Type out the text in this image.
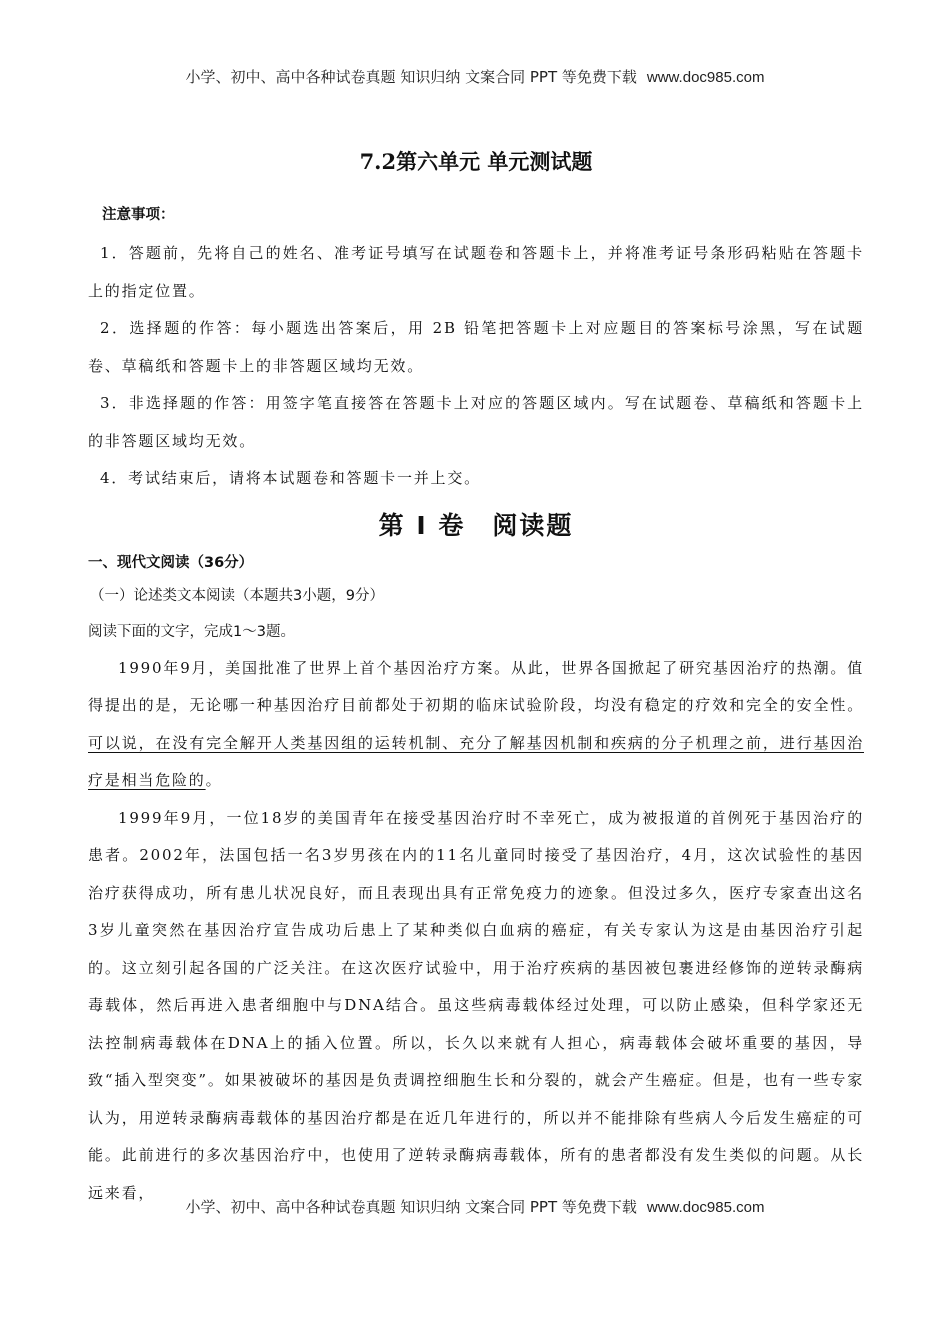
小学、初中、高中各种试卷真题 知识归纳 文案合同 PPT 等免费下载 www.doc985.com
7.2第六单元 单元测试题
注意事项：

1．答题前，先将自己的姓名、准考证号填写在试题卷和答题卡上，并将准考证号条形码粘贴在答题卡上的指定位置。

2．选择题的作答：每小题选出答案后，用 2B 铅笔把答题卡上对应题目的答案标号涂黑，写在试题卷、草稿纸和答题卡上的非答题区域均无效。

3．非选择题的作答：用签字笔直接答在答题卡上对应的答题区域内。写在试题卷、草稿纸和答题卡上的非答题区域均无效。

4．考试结束后，请将本试题卷和答题卡一并上交。

第 I 卷　阅读题
一、现代文阅读（36分）
（一）论述类文本阅读（本题共3小题，9分）
阅读下面的文字，完成1～3题。

1990年9月，美国批准了世界上首个基因治疗方案。从此，世界各国掀起了研究基因治疗的热潮。值得提出的是，无论哪一种基因治疗目前都处于初期的临床试验阶段，均没有稳定的疗效和完全的安全性。可以说，在没有完全解开人类基因组的运转机制、充分了解基因机制和疾病的分子机理之前，进行基因治疗是相当危险的。

1999年9月，一位18岁的美国青年在接受基因治疗时不幸死亡，成为被报道的首例死于基因治疗的患者。2002年，法国包括一名3岁男孩在内的11名儿童同时接受了基因治疗，4月，这次试验性的基因治疗获得成功，所有患儿状况良好，而且表现出具有正常免疫力的迹象。但没过多久，医疗专家查出这名3岁儿童突然在基因治疗宣告成功后患上了某种类似白血病的癌症，有关专家认为这是由基因治疗引起的。这立刻引起各国的广泛关注。在这次医疗试验中，用于治疗疾病的基因被包裹进经修饰的逆转录酶病毒载体，然后再进入患者细胞中与DNA结合。虽这些病毒载体经过处理，可以防止感染，但科学家还无法控制病毒载体在DNA上的插入位置。所以，长久以来就有人担心，病毒载体会破坏重要的基因，导致“插入型突变”。如果被破坏的基因是负责调控细胞生长和分裂的，就会产生癌症。但是，也有一些专家认为，用逆转录酶病毒载体的基因治疗都是在近几年进行的，所以并不能排除有些病人今后发生癌症的可能。此前进行的多次基因治疗中，也使用了逆转录酶病毒载体，所有的患者都没有发生类似的问题。从长远来看，

小学、初中、高中各种试卷真题 知识归纳 文案合同 PPT 等免费下载 www.doc985.com
